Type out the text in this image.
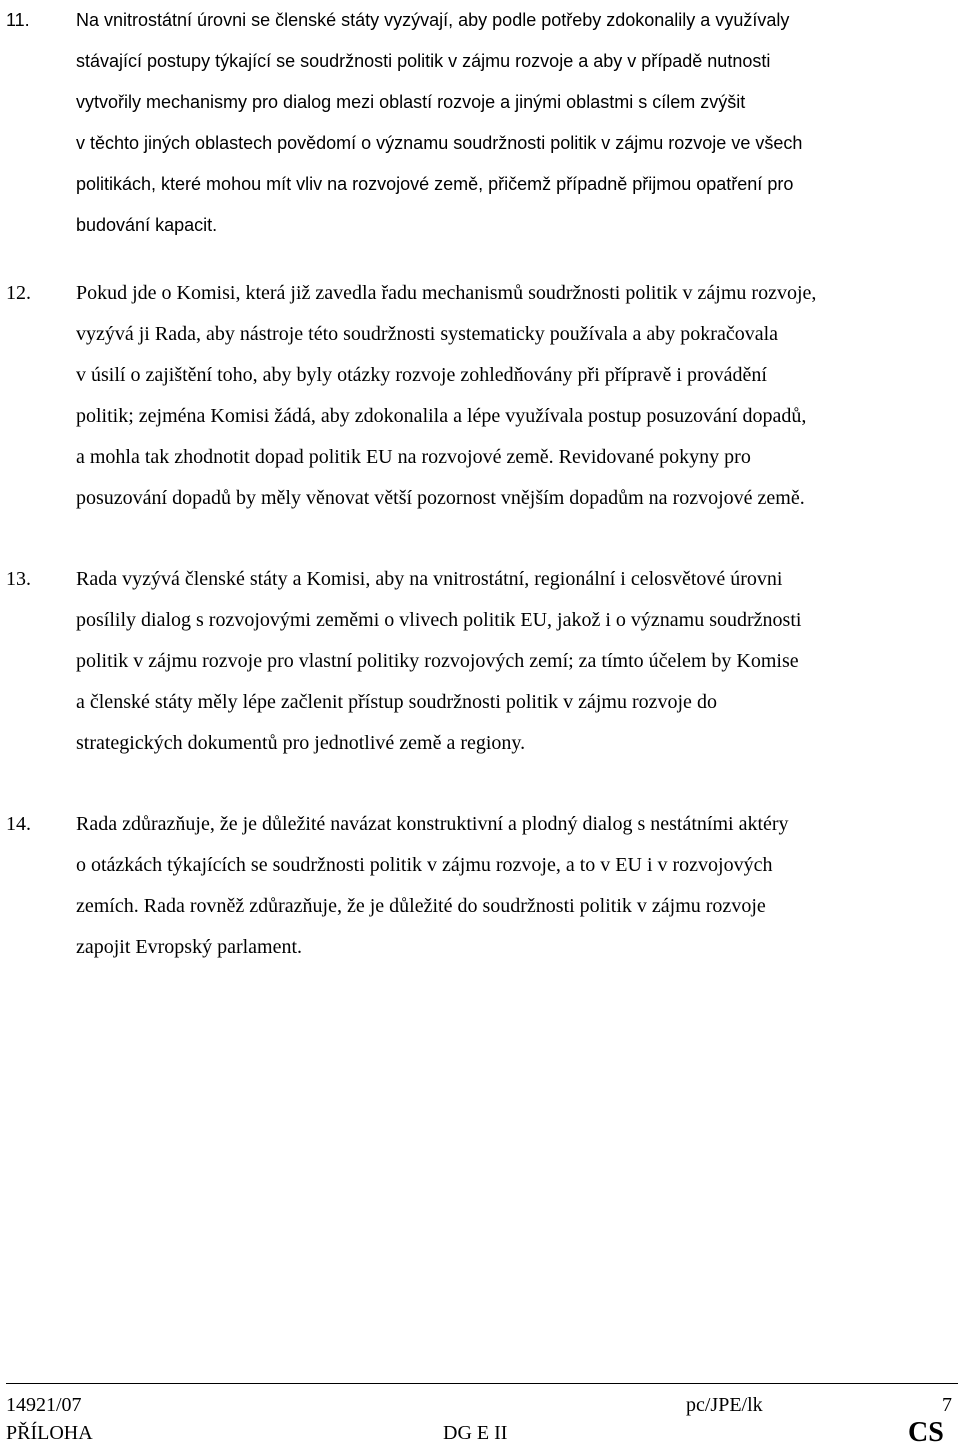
11.	Na vnitrostátní úrovni se členské státy vyzývají, aby podle potřeby zdokonalily a využívaly
stávající postupy týkající se soudržnosti politik v zájmu rozvoje a aby v případě nutnosti
vytvořily mechanismy pro dialog mezi oblastí rozvoje a jinými oblastmi s cílem zvýšit
v těchto jiných oblastech povědomí o významu soudržnosti politik v zájmu rozvoje ve všech
politikách, které mohou mít vliv na rozvojové země, přičemž případně přijmou opatření pro
budování kapacit.
12. Pokud jde o Komisi, která již zavedla řadu mechanismů soudržnosti politik v zájmu rozvoje,
vyzývá ji Rada, aby nástroje této soudržnosti systematicky používala a aby pokračovala
v úsilí o zajištění toho, aby byly otázky rozvoje zohledňovány při přípravě i provádění
politik; zejména Komisi žádá, aby zdokonalila a lépe využívala postup posuzování dopadů,
a mohla tak zhodnotit dopad politik EU na rozvojové země. Revidované pokyny pro
posuzování dopadů by měly věnovat větší pozornost vnějším dopadům na rozvojové země.
13. Rada vyzývá členské státy a Komisi, aby na vnitrostátní, regionální i celosvětové úrovni
posílily dialog s rozvojovými zeměmi o vlivech politik EU, jakož i o významu soudržnosti
politik v zájmu rozvoje pro vlastní politiky rozvojových zemí; za tímto účelem by Komise
a členské státy měly lépe začlenit přístup soudržnosti politik v zájmu rozvoje do
strategických dokumentů pro jednotlivé země a regiony.
14. Rada zdůrazňuje, že je důležité navázat konstruktivní a plodný dialog s nestátními aktéry
o otázkách týkajících se soudržnosti politik v zájmu rozvoje, a to v EU i v rozvojových
zemích. Rada rovněž zdůrazňuje, že je důležité do soudržnosti politik v zájmu rozvoje
zapojit Evropský parlament.
14921/07
PŘÍLOHA
pc/JPE/lk	7
DG E II	CS
